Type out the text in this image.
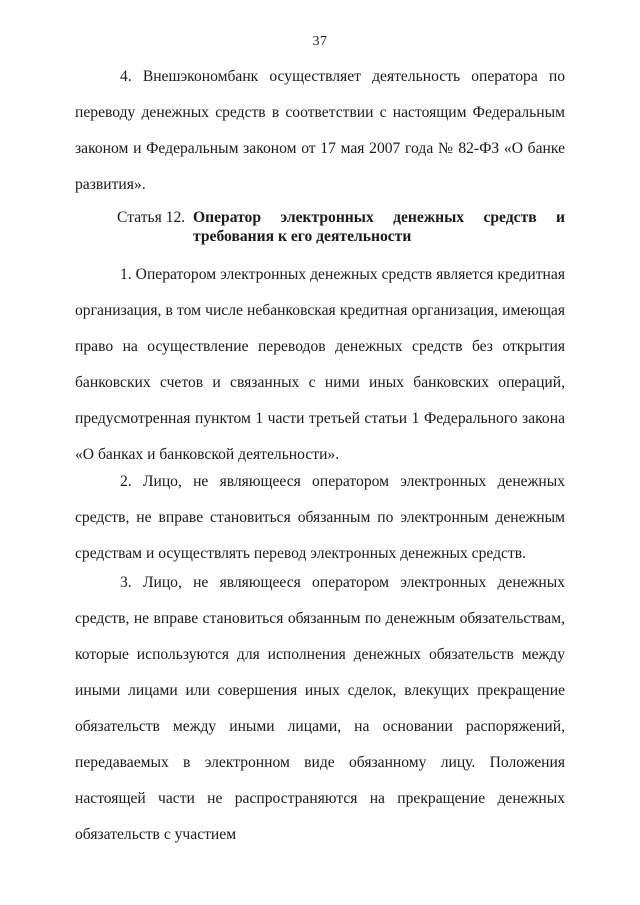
37

4. Внешэкономбанк осуществляет деятельность оператора по переводу денежных средств в соответствии с настоящим Федеральным законом и Федеральным законом от 17 мая 2007 года № 82-ФЗ «О банке развития».

Статья 12. Оператор электронных денежных средств и
требования к его деятельности

1. Оператором электронных денежных средств является кредитная организация, в том числе небанковская кредитная организация, имеющая право на осуществление переводов денежных средств без открытия банковских счетов и связанных с ними иных банковских операций, предусмотренная пунктом 1 части третьей статьи 1 Федерального закона «О банках и банковской деятельности».

2. Лицо, не являющееся оператором электронных денежных средств, не вправе становиться обязанным по электронным денежным средствам и осуществлять перевод электронных денежных средств.

3. Лицо, не являющееся оператором электронных денежных средств, не вправе становиться обязанным по денежным обязательствам, которые используются для исполнения денежных обязательств между иными лицами или совершения иных сделок, влекущих прекращение обязательств между иными лицами, на основании распоряжений, передаваемых в электронном виде обязанному лицу. Положения настоящей части не распространяются на прекращение денежных обязательств с участием
